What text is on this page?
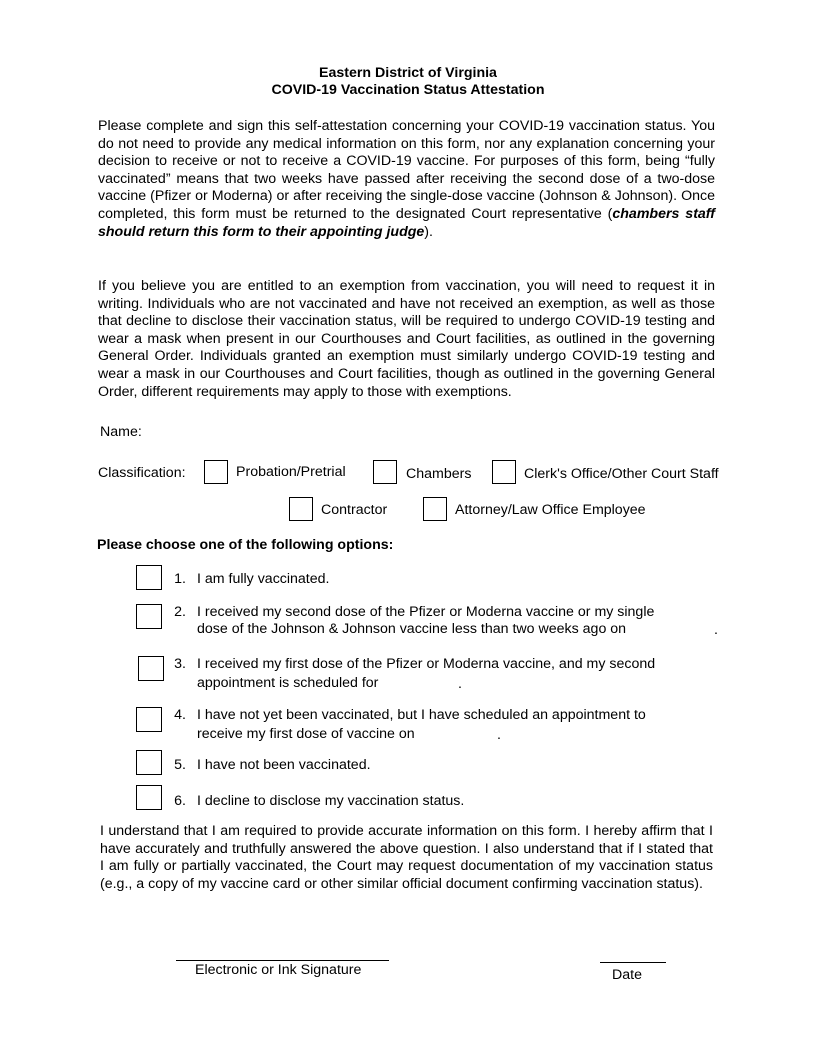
Eastern District of Virginia
COVID-19 Vaccination Status Attestation
Please complete and sign this self-attestation concerning your COVID-19 vaccination status. You do not need to provide any medical information on this form, nor any explanation concerning your decision to receive or not to receive a COVID-19 vaccine. For purposes of this form, being “fully vaccinated” means that two weeks have passed after receiving the second dose of a two-dose vaccine (Pfizer or Moderna) or after receiving the single-dose vaccine (Johnson & Johnson). Once completed, this form must be returned to the designated Court representative (chambers staff should return this form to their appointing judge).
If you believe you are entitled to an exemption from vaccination, you will need to request it in writing. Individuals who are not vaccinated and have not received an exemption, as well as those that decline to disclose their vaccination status, will be required to undergo COVID-19 testing and wear a mask when present in our Courthouses and Court facilities, as outlined in the governing General Order. Individuals granted an exemption must similarly undergo COVID-19 testing and wear a mask in our Courthouses and Court facilities, though as outlined in the governing General Order, different requirements may apply to those with exemptions.
Name:
Classification:	Probation/Pretrial	Chambers	Clerk's Office/Other Court Staff
Contractor	Attorney/Law Office Employee
Please choose one of the following options:
1. I am fully vaccinated.
2. I received my second dose of the Pfizer or Moderna vaccine or my single
dose of the Johnson & Johnson vaccine less than two weeks ago on	.
3. I received my first dose of the Pfizer or Moderna vaccine, and my second
appointment is scheduled for	.
4. I have not yet been vaccinated, but I have scheduled an appointment to
receive my first dose of vaccine on	.
5. I have not been vaccinated.
6. I decline to disclose my vaccination status.
I understand that I am required to provide accurate information on this form. I hereby affirm that I have accurately and truthfully answered the above question. I also understand that if I stated that I am fully or partially vaccinated, the Court may request documentation of my vaccination status (e.g., a copy of my vaccine card or other similar official document confirming vaccination status).
Electronic or Ink Signature	Date
